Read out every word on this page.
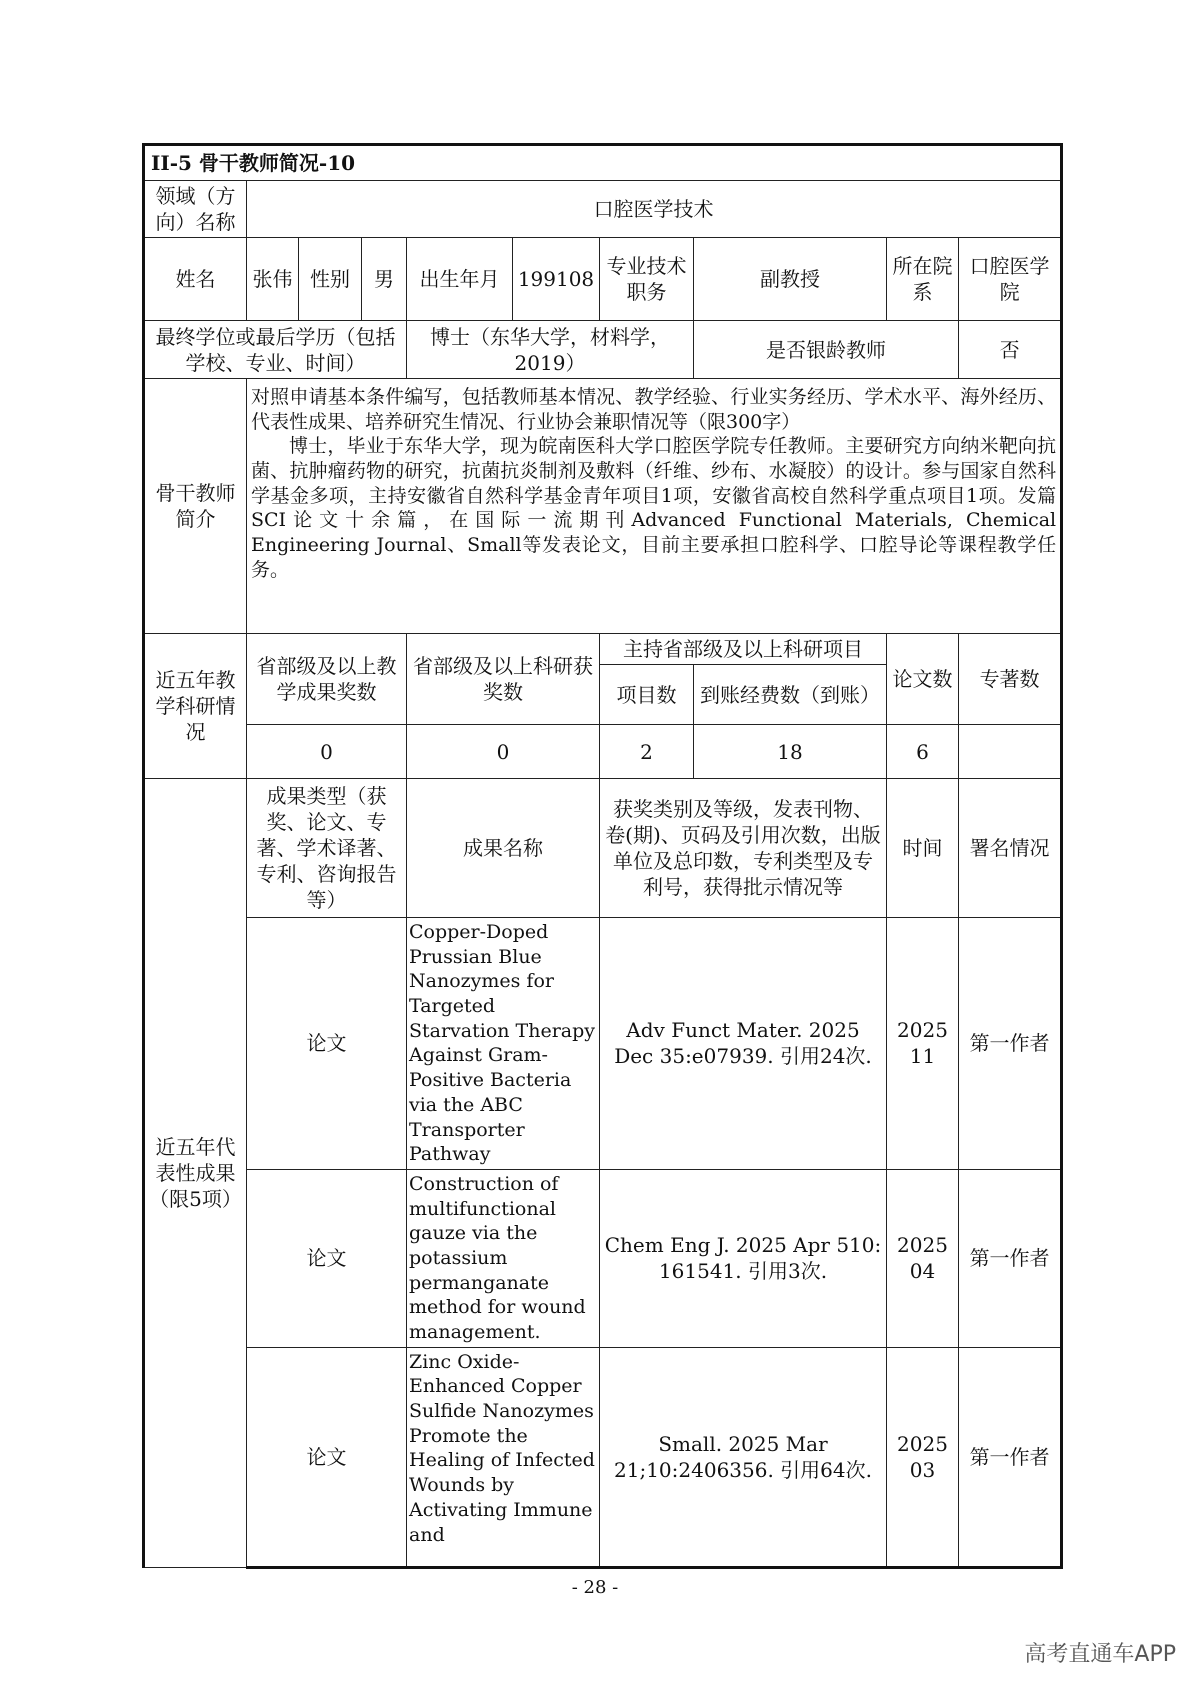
II-5 骨干教师简况-10									
领域（方向）名称	口腔医学技术								
姓名	张伟	性别	男	出生年月	199108	专业技术职务	副教授	所在院系	口腔医学院
最终学位或最后学历（包括学校、专业、时间）				博士（东华大学，材料学，2019）			是否银龄教师		否
骨干教师简介	对照申请基本条件编写，包括教师基本情况、教学经验、行业实务经历、学术水平、海外经历、代表性成果、培养研究生情况、行业协会兼职情况等（限300字）

博士，毕业于东华大学，现为皖南医科大学口腔医学院专任教师。主要研究方向纳米靶向抗菌、抗肿瘤药物的研究，抗菌抗炎制剂及敷料（纤维、纱布、水凝胶）的设计。参与国家自然科学基金多项，主持安徽省自然科学基金青年项目1项，安徽省高校自然科学重点项目1项。发篇SCI论文十余篇，在国际一流期刊Advanced Functional Materials, Chemical Engineering Journal、Small等发表论文，目前主要承担口腔科学、口腔导论等课程教学任务。								

近五年教学科研情况	省部级及以上教学成果奖数			省部级及以上科研获奖数		主持省部级及以上科研项目		论文数	专著数
						项目数	到账经费数（到账）		
	0			0		2	18	6	
近五年代表性成果（限5项）	成果类型（获奖、论文、专著、学术译著、专利、咨询报告等）			成果名称		获奖类别及等级，发表刊物、卷(期)、页码及引用次数，出版单位及总印数，专利类型及专利号，获得批示情况等		时间	署名情况
	论文			Copper-Doped Prussian Blue Nanozymes for Targeted Starvation Therapy Against Gram-Positive Bacteria via the ABC Transporter Pathway		Adv Funct Mater. 2025 Dec 35:e07939. 引用24次.		202511	第一作者
	论文			Construction of multifunctional gauze via the potassium permanganate method for wound management.		Chem Eng J. 2025 Apr 510: 161541. 引用3次.		202504	第一作者
	论文			Zinc Oxide-Enhanced Copper Sulfide Nanozymes Promote the Healing of Infected Wounds by Activating Immune and		Small. 2025 Mar 21;10:2406356. 引用64次.		202503	第一作者
- 28 -
高考直通车APP
